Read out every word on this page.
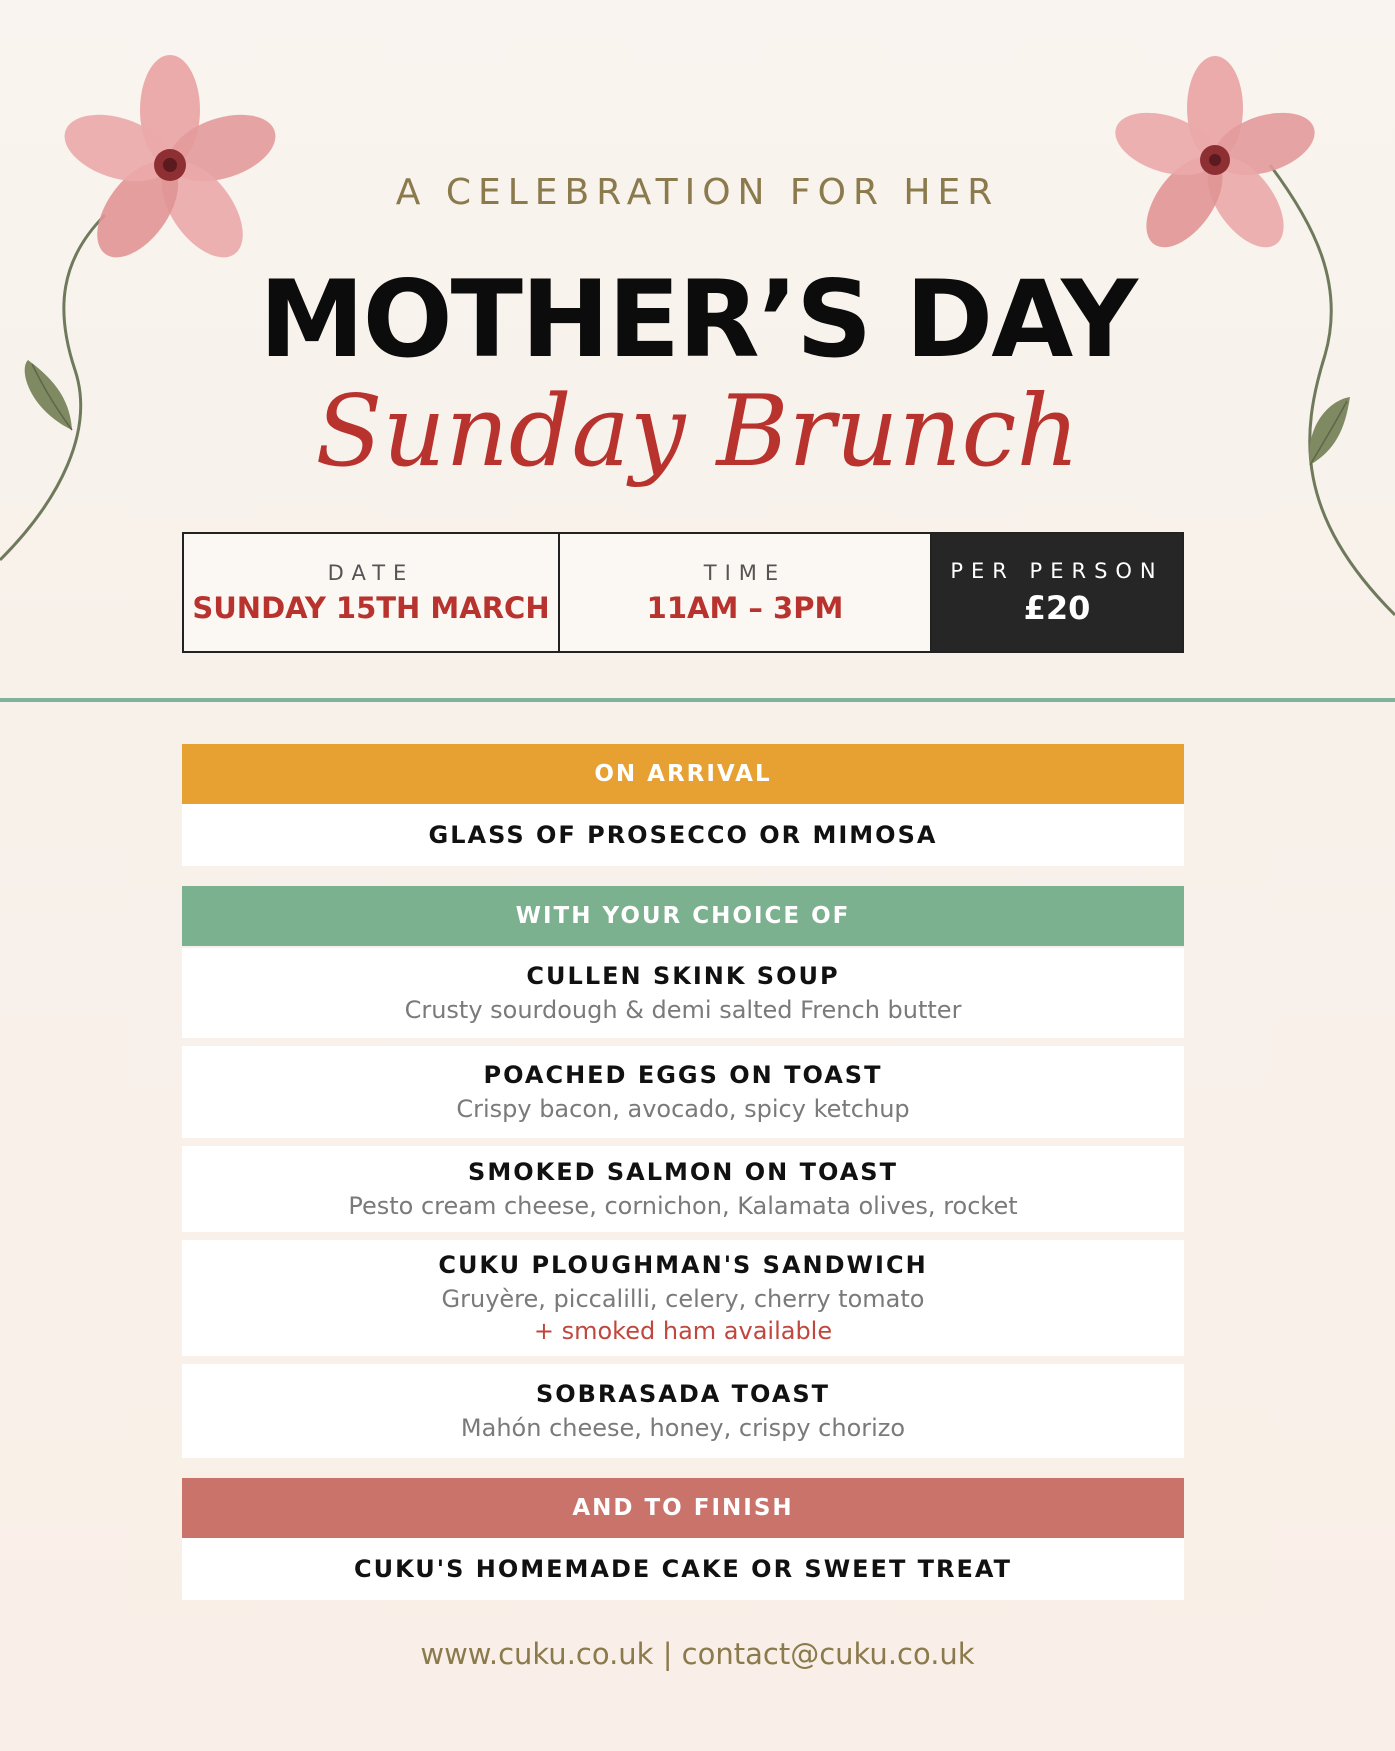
A CELEBRATION FOR HER
MOTHER’S DAY
Sunday Brunch
DATE
SUNDAY 15TH MARCH
TIME
11AM – 3PM
PER PERSON
£20
ON ARRIVAL
GLASS OF PROSECCO OR MIMOSA
WITH YOUR CHOICE OF
CULLEN SKINK SOUP
Crusty sourdough & demi salted French butter
POACHED EGGS ON TOAST
Crispy bacon, avocado, spicy ketchup
SMOKED SALMON ON TOAST
Pesto cream cheese, cornichon, Kalamata olives, rocket
CUKU PLOUGHMAN'S SANDWICH
Gruyère, piccalilli, celery, cherry tomato
+ smoked ham available
SOBRASADA TOAST
Mahón cheese, honey, crispy chorizo
AND TO FINISH
CUKU'S HOMEMADE CAKE OR SWEET TREAT
www.cuku.co.uk | contact@cuku.co.uk
